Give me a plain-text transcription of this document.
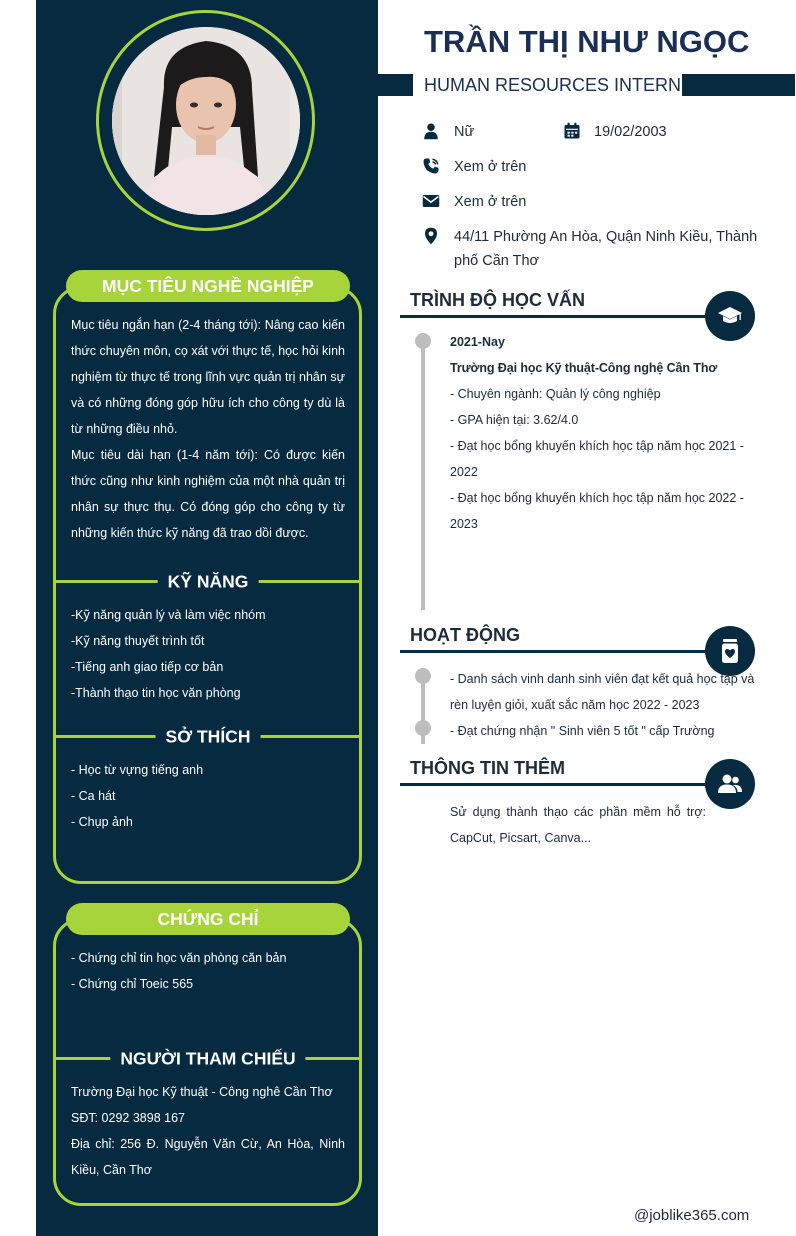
MỤC TIÊU NGHỀ NGHIỆP

Mục tiêu ngắn hạn (2-4 tháng tới): Nâng cao kiến thức chuyên môn, cọ xát với thực tế, học hỏi kinh nghiệm từ thực tế trong lĩnh vực quản trị nhân sự và có những đóng góp hữu ích cho công ty dù là từ những điều nhỏ.

Mục tiêu dài hạn (1-4 năm tới): Có được kiến thức cũng như kinh nghiệm của một nhà quản trị nhân sự thực thụ. Có đóng góp cho công ty từ những kiến thức kỹ năng đã trao dồi được.

KỸ NĂNG

-Kỹ năng quản lý và làm việc nhóm

-Kỹ năng thuyết trình tốt

-Tiếng anh giao tiếp cơ bản

-Thành thạo tin học văn phòng

SỞ THÍCH

- Học từ vựng tiếng anh

- Ca hát

- Chụp ảnh

CHỨNG CHỈ

- Chứng chỉ tin học văn phòng căn bản

- Chứng chỉ Toeic 565

NGƯỜI THAM CHIẾU

Trường Đại học Kỹ thuật - Công nghê Cần Thơ

SĐT: 0292 3898 167

Địa chỉ: 256 Đ. Nguyễn Văn Cừ, An Hòa, Ninh Kiều, Cần Thơ

TRẦN THỊ NHƯ NGỌC
HUMAN RESOURCES INTERN
Nữ	19/02/2003
Xem ở trên
Xem ở trên
44/11 Phường An Hòa, Quận Ninh Kiều, Thành phố Cần Thơ
TRÌNH ĐỘ HỌC VẤN

2021-Nay

Trường Đại học Kỹ thuật-Công nghệ Cần Thơ

- Chuyên ngành: Quản lý công nghiệp

- GPA hiện tại: 3.62/4.0

- Đạt học bổng khuyến khích học tập năm học 2021 - 2022

- Đạt học bổng khuyến khích học tập năm học 2022 - 2023

HOẠT ĐỘNG

- Danh sách vinh danh sinh viên đạt kết quả học tập và rèn luyện giỏi, xuất sắc năm học 2022 - 2023

- Đạt chứng nhận " Sinh viên 5 tốt " cấp Trường

THÔNG TIN THÊM
Sử dụng thành thạo các phần mềm hỗ trợ: CapCut, Picsart, Canva...
@joblike365.com
